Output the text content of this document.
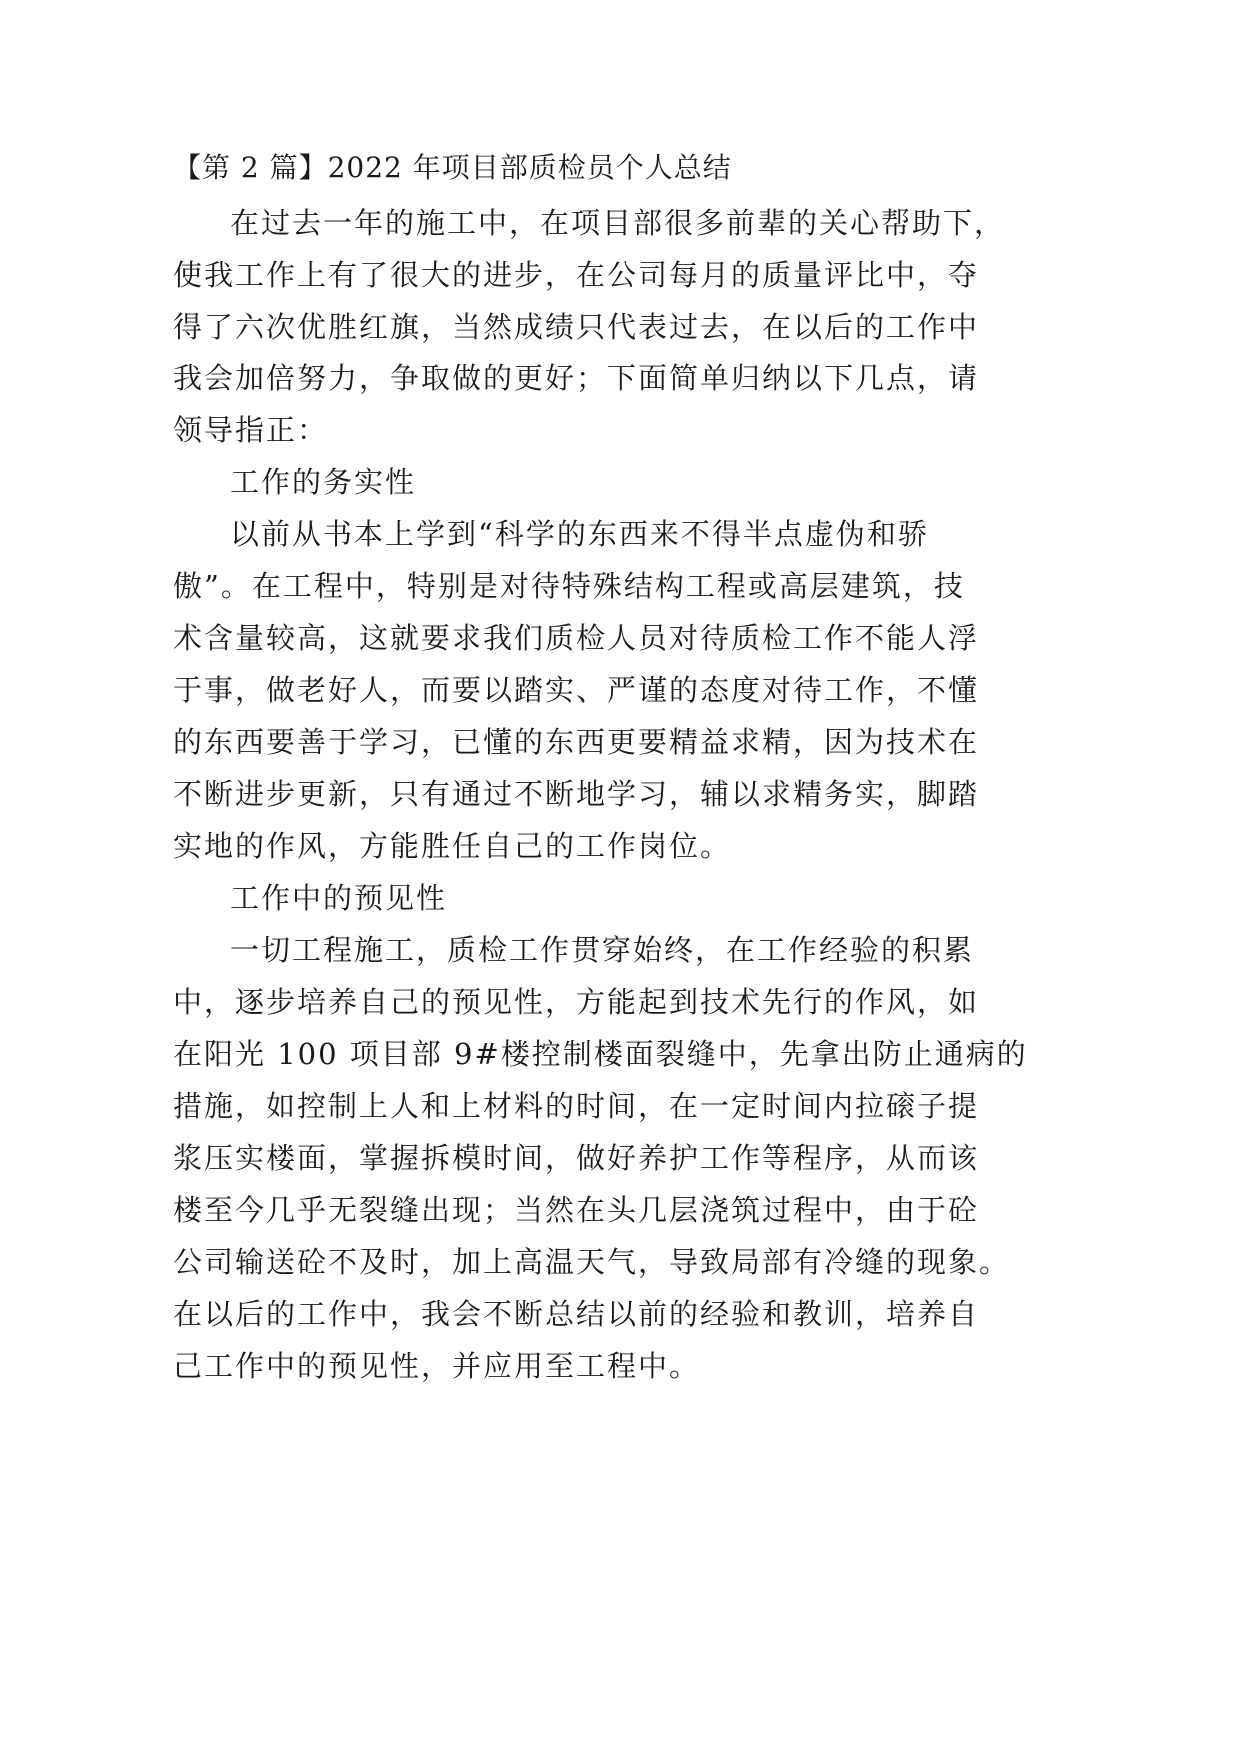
【第 2 篇】2022 年项目部质检员个人总结
在过去一年的施工中，在项目部很多前辈的关心帮助下，
使我工作上有了很大的进步，在公司每月的质量评比中，夺
得了六次优胜红旗，当然成绩只代表过去，在以后的工作中
我会加倍努力，争取做的更好；下面简单归纳以下几点，请
领导指正：
工作的务实性
以前从书本上学到“科学的东西来不得半点虚伪和骄
傲”。在工程中，特别是对待特殊结构工程或高层建筑，技
术含量较高，这就要求我们质检人员对待质检工作不能人浮
于事，做老好人，而要以踏实、严谨的态度对待工作，不懂
的东西要善于学习，已懂的东西更要精益求精，因为技术在
不断进步更新，只有通过不断地学习，辅以求精务实，脚踏
实地的作风，方能胜任自己的工作岗位。
工作中的预见性
一切工程施工，质检工作贯穿始终，在工作经验的积累
中，逐步培养自己的预见性，方能起到技术先行的作风，如
在阳光 100 项目部 9#楼控制楼面裂缝中，先拿出防止通病的
措施，如控制上人和上材料的时间，在一定时间内拉磙子提
浆压实楼面，掌握拆模时间，做好养护工作等程序，从而该
楼至今几乎无裂缝出现；当然在头几层浇筑过程中，由于砼
公司输送砼不及时，加上高温天气，导致局部有冷缝的现象。
在以后的工作中，我会不断总结以前的经验和教训，培养自
己工作中的预见性，并应用至工程中。
